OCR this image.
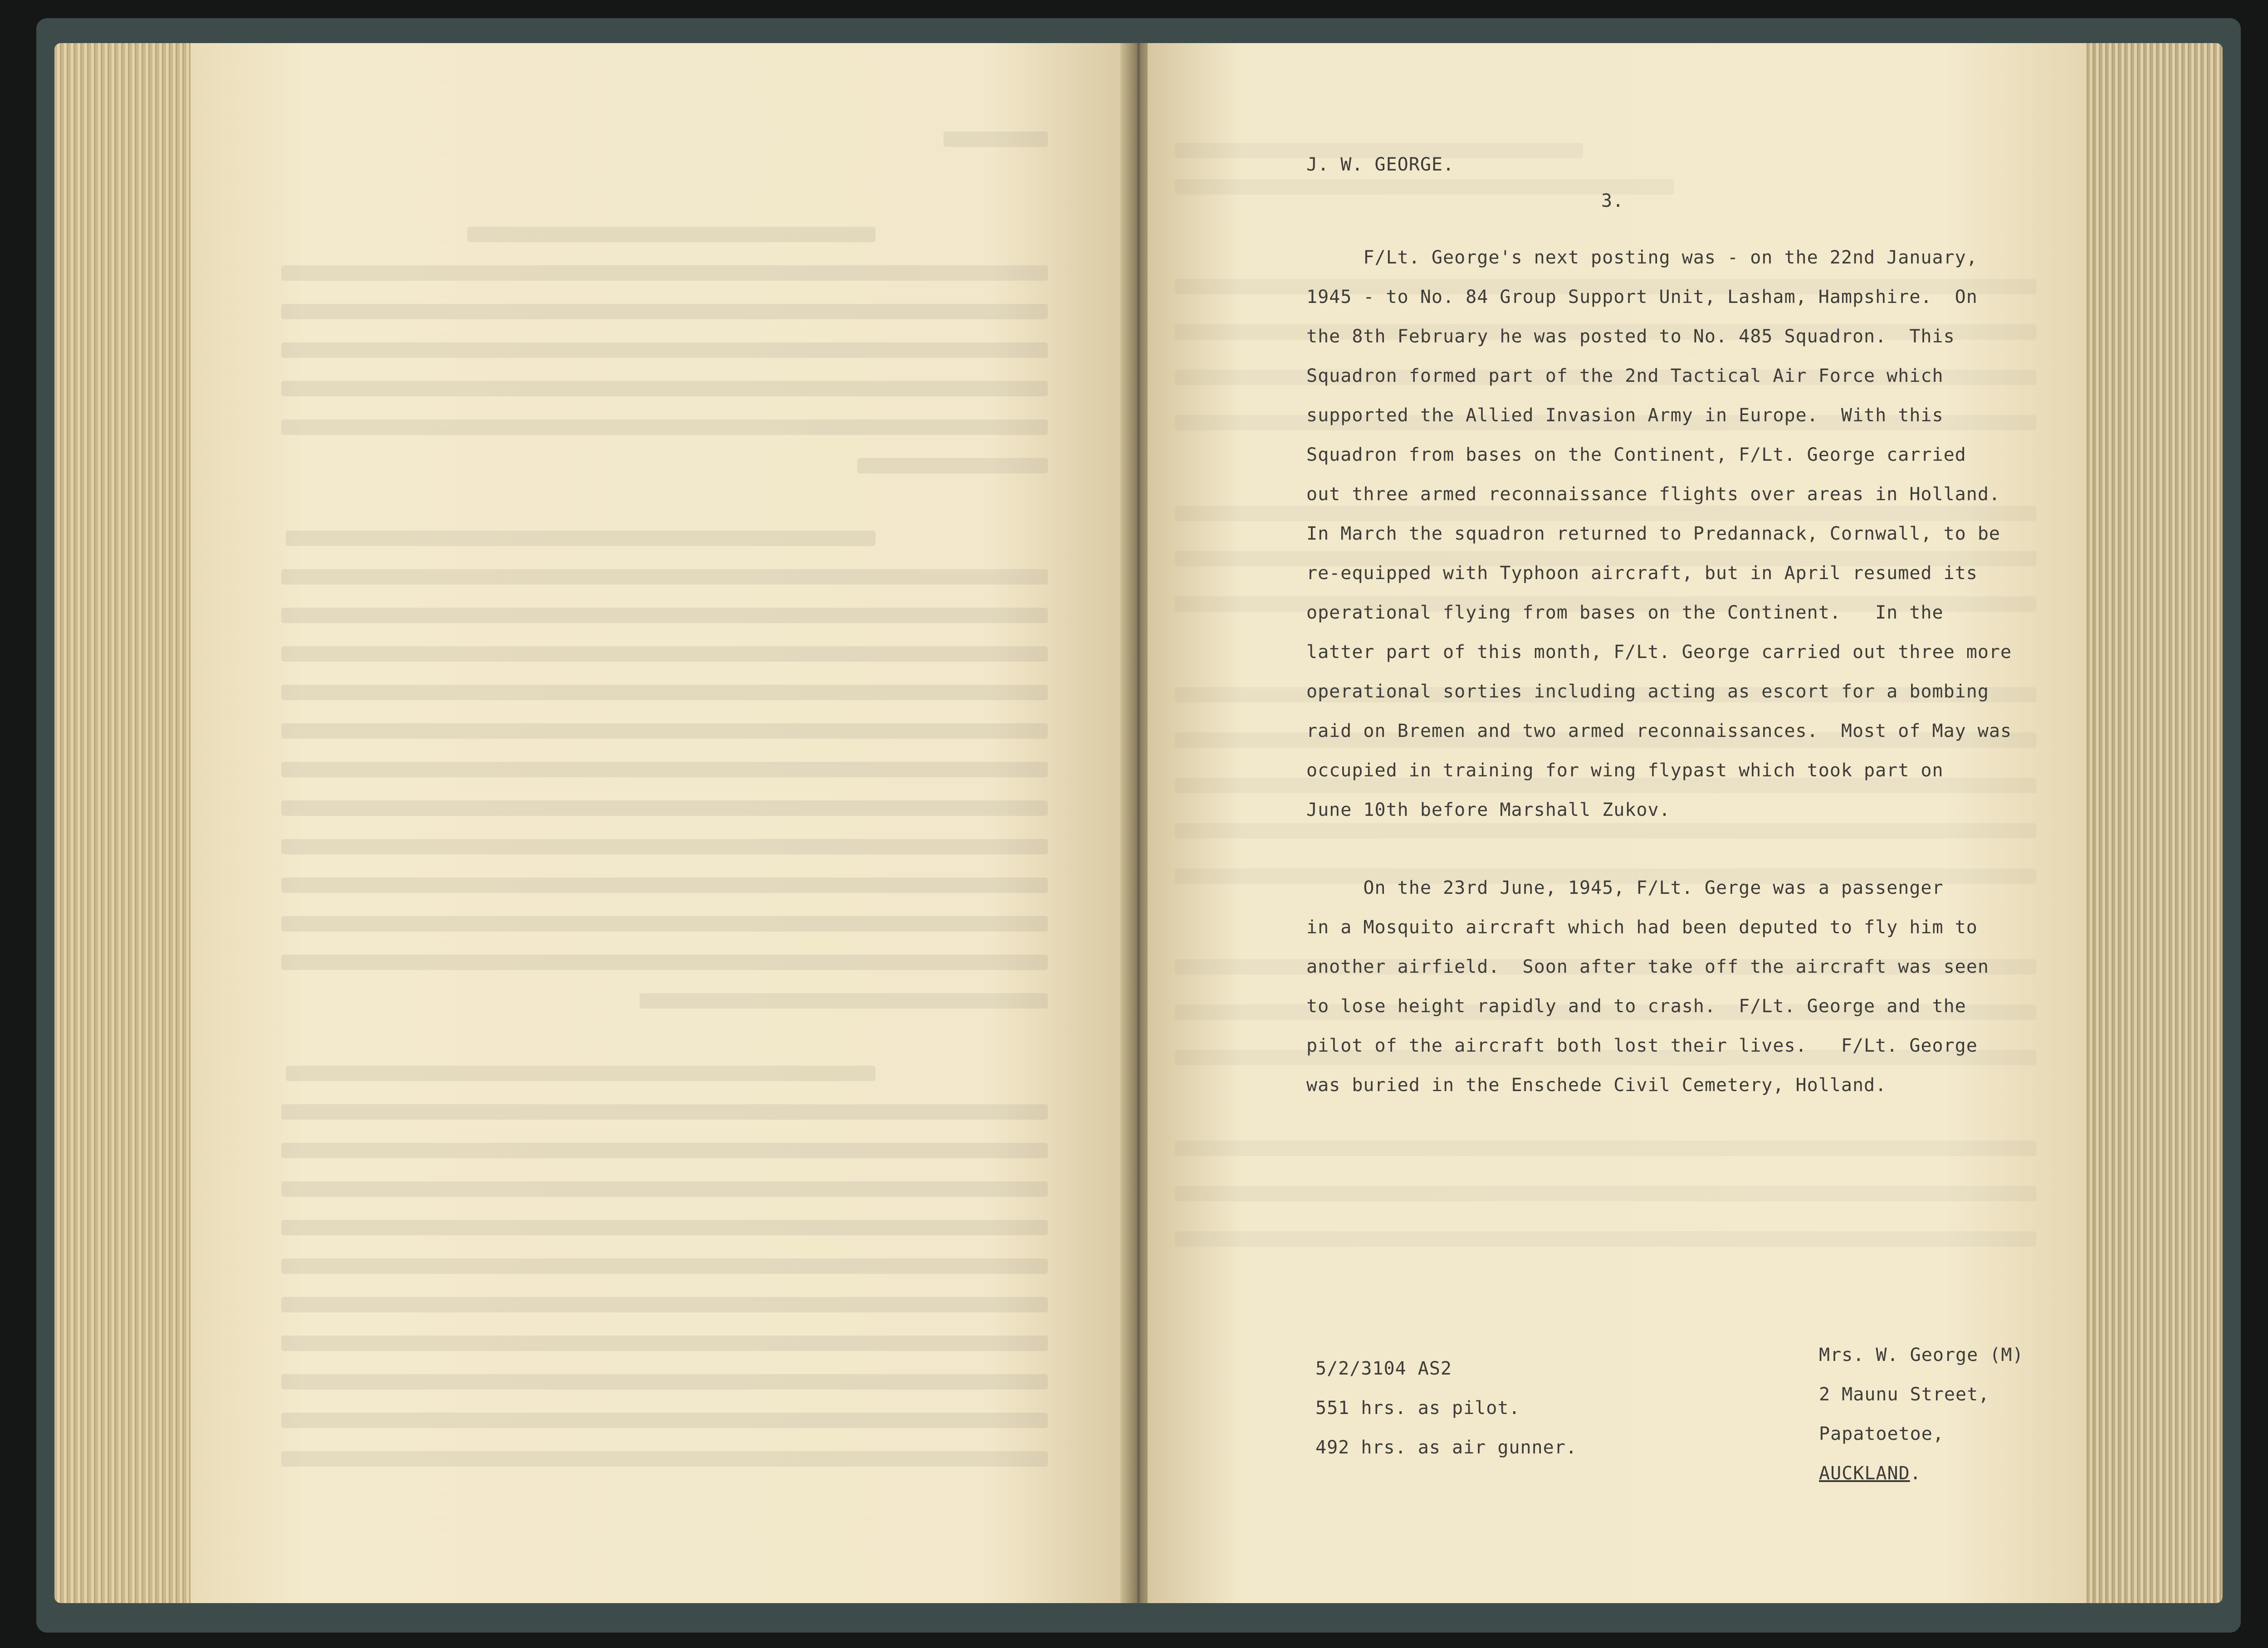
J. W. GEORGE.
3.
F/Lt. George's next posting was - on the 22nd January,
1945 - to No. 84 Group Support Unit, Lasham, Hampshire.  On
the 8th February he was posted to No. 485 Squadron.  This
Squadron formed part of the 2nd Tactical Air Force which
supported the Allied Invasion Army in Europe.  With this
Squadron from bases on the Continent, F/Lt. George carried
out three armed reconnaissance flights over areas in Holland.
In March the squadron returned to Predannack, Cornwall, to be
re-equipped with Typhoon aircraft, but in April resumed its
operational flying from bases on the Continent.   In the
latter part of this month, F/Lt. George carried out three more
operational sorties including acting as escort for a bombing
raid on Bremen and two armed reconnaissances.  Most of May was
occupied in training for wing flypast which took part on
June 10th before Marshall Zukov.
On the 23rd June, 1945, F/Lt. Gerge was a passenger
in a Mosquito aircraft which had been deputed to fly him to
another airfield.  Soon after take off the aircraft was seen
to lose height rapidly and to crash.  F/Lt. George and the
pilot of the aircraft both lost their lives.   F/Lt. George
was buried in the Enschede Civil Cemetery, Holland.
5/2/3104 AS2
551 hrs. as pilot.
492 hrs. as air gunner.
Mrs. W. George (M)
2 Maunu Street,
Papatoetoe,
AUCKLAND.
